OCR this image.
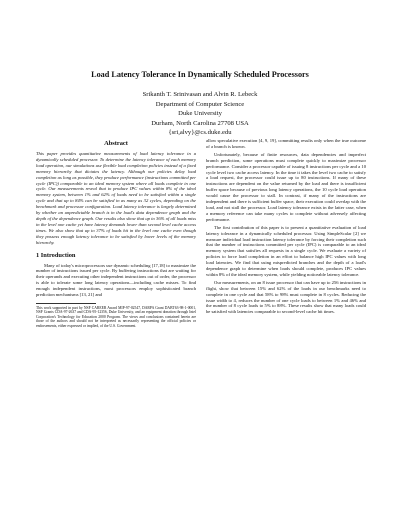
Load Latency Tolerance In Dynamically Scheduled Processors
Srikanth T. Srinivasan and Alvin R. Lebeck
Department of Computer Science
Duke University
Durham, North Carolina 27708 USA
{sri,alvy}@cs.duke.edu
Abstract

This paper provides quantitative measurements of load latency tolerance in a dynamically scheduled processor. To determine the latency tolerance of each memory load operation, our simulations use flexible load completion policies instead of a fixed memory hierarchy that dictates the latency. Although our policies delay load completion as long as possible, they produce performance (instructions committed per cycle (IPC)) comparable to an ideal memory system where all loads complete in one cycle. Our measurements reveal that to produce IPC values within 8% of the ideal memory system, between 1% and 62% of loads need to be satisfied within a single cycle and that up to 84% can be satisfied in as many as 32 cycles, depending on the benchmark and processor configuration. Load latency tolerance is largely determined by whether an unpredictable branch is in the load's data dependence graph and the depth of the dependence graph. Our results also show that up to 36% of all loads miss in the level one cache yet have latency demands lower than second level cache access times. We also show that up to 37% of loads hit in the level one cache even though they possess enough latency tolerance to be satisfied by lower levels of the memory hierarchy.

1 Introduction

Many of today's microprocessors use dynamic scheduling [17,18] to maximize the number of instructions issued per cycle. By buffering instructions that are waiting for their operands and executing other independent instructions out of order, the processor is able to tolerate some long latency operations—including cache misses. To find enough independent instructions, most processors employ sophisticated branch prediction mechanisms [13, 21] and

This work supported in part by NSF CAREER Award MIP-97-02547, DARPA Grant DABT63-98-1-0001, NSF Grants CDA-97-2637 and CDA-95-12356, Duke University, and an equipment donation through Intel Corporation's Technology for Education 2000 Program. The views and conclusions contained herein are those of the authors and should not be interpreted as necessarily representing the official policies or endorsements, either expressed or implied, of the U.S. Government.

allow speculative execution [4, 9, 19], committing results only when the true outcome of a branch is known.

Unfortunately, because of finite resources, data dependencies and imperfect branch prediction, some operations must complete quickly to maximize processor performance. Consider a processor capable of issuing 8 instructions per cycle and a 10 cycle level two cache access latency. In the time it takes the level two cache to satisfy a load request, the processor could issue up to 80 instructions. If many of these instructions are dependent on the value returned by the load and there is insufficient buffer space because of previous long latency operations, the 10 cycle load operation would cause the processor to stall. In contrast, if many of the instructions are independent and there is sufficient buffer space, their execution could overlap with the load, and not stall the processor. Load latency tolerance exists in the latter case, when a memory reference can take many cycles to complete without adversely affecting performance.

The first contribution of this paper is to present a quantitative evaluation of load latency tolerance in a dynamically scheduled processor. Using SimpleScalar [2] we measure individual load instruction latency tolerance by forcing their completion such that the number of instructions committed per cycle (IPC) is comparable to an ideal memory system that satisfies all requests in a single cycle. We evaluate a variety of policies to force load completion in an effort to balance high IPC values with long load latencies. We find that using mispredicted branches and the depth of a load's dependence graph to determine when loads should complete, produces IPC values within 8% of the ideal memory system, while yielding noticeable latency tolerance.

Our measurements, on an 8 issue processor that can have up to 256 instructions in flight, show that between 15% and 62% of the loads in our benchmarks need to complete in one cycle and that 58% to 98% must complete in 8 cycles. Reducing the issue width to 4, reduces the number of one cycle loads to between 1% and 46% and the number of 8 cycle loads to 5% to 88%. These results show that many loads could be satisfied with latencies comparable to second-level cache hit times.
